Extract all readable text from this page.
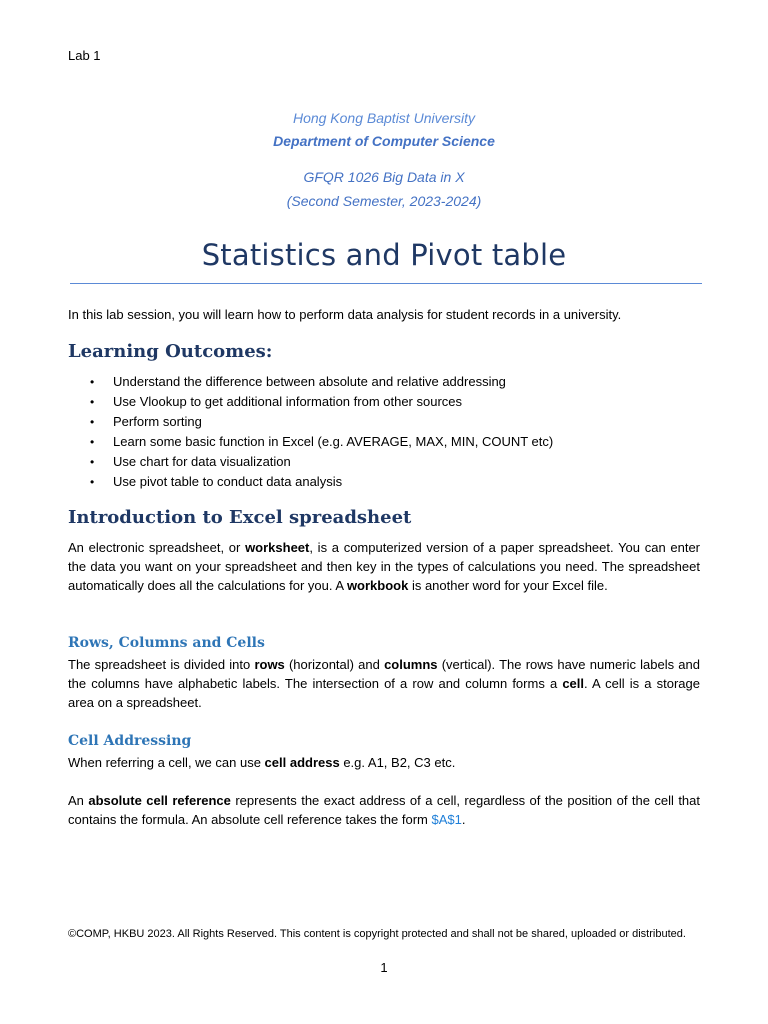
Lab 1
Hong Kong Baptist University
Department of Computer Science
GFQR 1026 Big Data in X
(Second Semester, 2023-2024)
Statistics and Pivot table
In this lab session, you will learn how to perform data analysis for student records in a university.
Learning Outcomes:
• Understand the difference between absolute and relative addressing
• Use Vlookup to get additional information from other sources
• Perform sorting
• Learn some basic function in Excel (e.g. AVERAGE, MAX, MIN, COUNT etc)
• Use chart for data visualization
• Use pivot table to conduct data analysis
Introduction to Excel spreadsheet
An electronic spreadsheet, or worksheet, is a computerized version of a paper spreadsheet. You can enter the data you want on your spreadsheet and then key in the types of calculations you need. The spreadsheet automatically does all the calculations for you. A workbook is another word for your Excel file.
Rows, Columns and Cells
The spreadsheet is divided into rows (horizontal) and columns (vertical). The rows have numeric labels and the columns have alphabetic labels. The intersection of a row and column forms a cell. A cell is a storage area on a spreadsheet.
Cell Addressing
When referring a cell, we can use cell address e.g. A1, B2, C3 etc.
An absolute cell reference represents the exact address of a cell, regardless of the position of the cell that contains the formula. An absolute cell reference takes the form $A$1.
©COMP, HKBU 2023. All Rights Reserved. This content is copyright protected and shall not be shared, uploaded or distributed.
1
